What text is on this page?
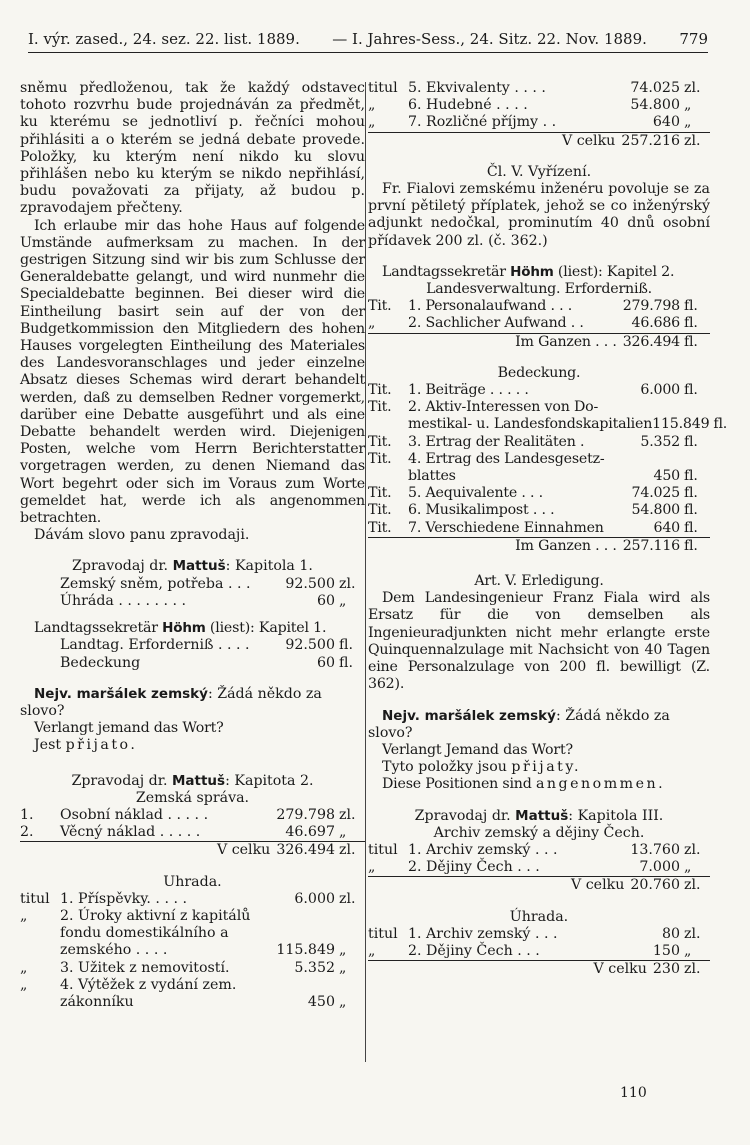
I. výr. zased., 24. sez. 22. list. 1889.	— I. Jahres-Sess., 24. Sitz. 22. Nov. 1889.	779

sněmu předloženou, tak že každý odstavec tohoto rozvrhu bude projednáván za předmět, ku kterému se jednotliví p. řečníci mohou přihlásiti a o kterém se jedná debate provede. Položky, ku kterým není nikdo ku slovu přihlášen nebo ku kterým se nikdo nepřihlásí, budu považovati za přijaty, až budou p. zpravodajem přečteny.

Ich erlaube mir das hohe Haus auf folgende Umstände aufmerksam zu machen. In der gestrigen Sitzung sind wir bis zum Schlusse der Generaldebatte gelangt, und wird nunmehr die Specialdebatte beginnen. Bei dieser wird die Eintheilung basirt sein auf der von der Budgetkommission den Mitgliedern des hohen Hauses vorgelegten Eintheilung des Materiales des Landesvoranschlages und jeder einzelne Absatz dieses Schemas wird derart behandelt werden, daß zu demselben Redner vorgemerkt, darüber eine Debatte ausgeführt und als eine Debatte behandelt werden wird. Diejenigen Posten, welche vom Herrn Berichterstatter vorgetragen werden, zu denen Niemand das Wort begehrt oder sich im Voraus zum Worte gemeldet hat, werde ich als angenommen betrachten.

Dávám slovo panu zpravodaji.

Zpravodaj dr. Mattuš: Kapitola 1.

Zemský sněm, potřeba . . .	92.500 zl.
Úhráda . . . . . . . .	60 „

Landtagssekretär Höhm (liest): Kapitel 1.

Landtag. Erforderniß . . . .	92.500 fl.
Bedeckung	60 fl.

Nejv. maršálek zemský: Žádá někdo za slovo?

Verlangt jemand das Wort?

Jest přijato.

Zpravodaj dr. Mattuš: Kapitota 2.

Zemská správa.

1.	Osobní náklad . . . . .	279.798 zl.
2.	Věcný náklad . . . . .	46.697 „
V celku 326.494 zl.

Uhrada.

titul 1. Příspěvky. . . . .	6.000 zl.
„	2. Úroky aktivní z kapitálů
fondu domestikálního a
zemského . . . .	115.849 „
„	3. Užitek z nemovitostí.	5.352 „
„	4. Výtěžek z vydání zem.
zákonníku	450 „
titul 5. Ekvivalenty . . . .	74.025 zl.
„	6. Hudebné . . . .	54.800 „
„	7. Rozličné příjmy . .	640 „
V celku 257.216 zl.

Čl. V. Vyřízení.

Fr. Fialovi zemskému inženéru povoluje se za první pětiletý příplatek, jehož se co inženýrský adjunkt nedočkal, prominutím 40 dnů osobní přídavek 200 zl. (č. 362.)

Landtagssekretär Höhm (liest): Kapitel 2.

Landesverwaltung. Erforderniß.

Tit.	1. Personalaufwand . . .	279.798 fl.
„	2. Sachlicher Aufwand . .	46.686 fl.
Im Ganzen . . . 326.494 fl.

Bedeckung.

Tit.	1. Beiträge . . . . .	6.000 fl.
Tit.	2. Aktiv-Interessen von Do-
mestikal- u. Landesfondskapitalien 115.849 fl.
Tit.	3. Ertrag der Realitäten .	5.352 fl.
Tit.	4. Ertrag des Landesgesetz-
blattes	450 fl.
Tit.	5. Aequivalente . . .	74.025 fl.
Tit.	6. Musikalimpost . . .	54.800 fl.
Tit.	7. Verschiedene Einnahmen	640 fl.
Im Ganzen . . . 257.116 fl.

Art. V. Erledigung.

Dem Landesingenieur Franz Fiala wird als Ersatz für die von demselben als Ingenieuradjunkten nicht mehr erlangte erste Quinquennalzulage mit Nachsicht von 40 Tagen eine Personalzulage von 200 fl. bewilligt (Z. 362).

Nejv. maršálek zemský: Žádá někdo za slovo?

Verlangt Jemand das Wort?

Tyto položky jsou přijaty.

Diese Positionen sind angenommen.

Zpravodaj dr. Mattuš: Kapitola III.

Archiv zemský a dějiny Čech.

titul 1. Archiv zemský . . .	13.760 zl.
„	2. Dějiny Čech . . .	7.000 „
V celku 20.760 zl.

Úhrada.

titul 1. Archiv zemský . . .	80 zl.
„	2. Dějiny Čech . . .	150 „
V celku 230 zl.
110
